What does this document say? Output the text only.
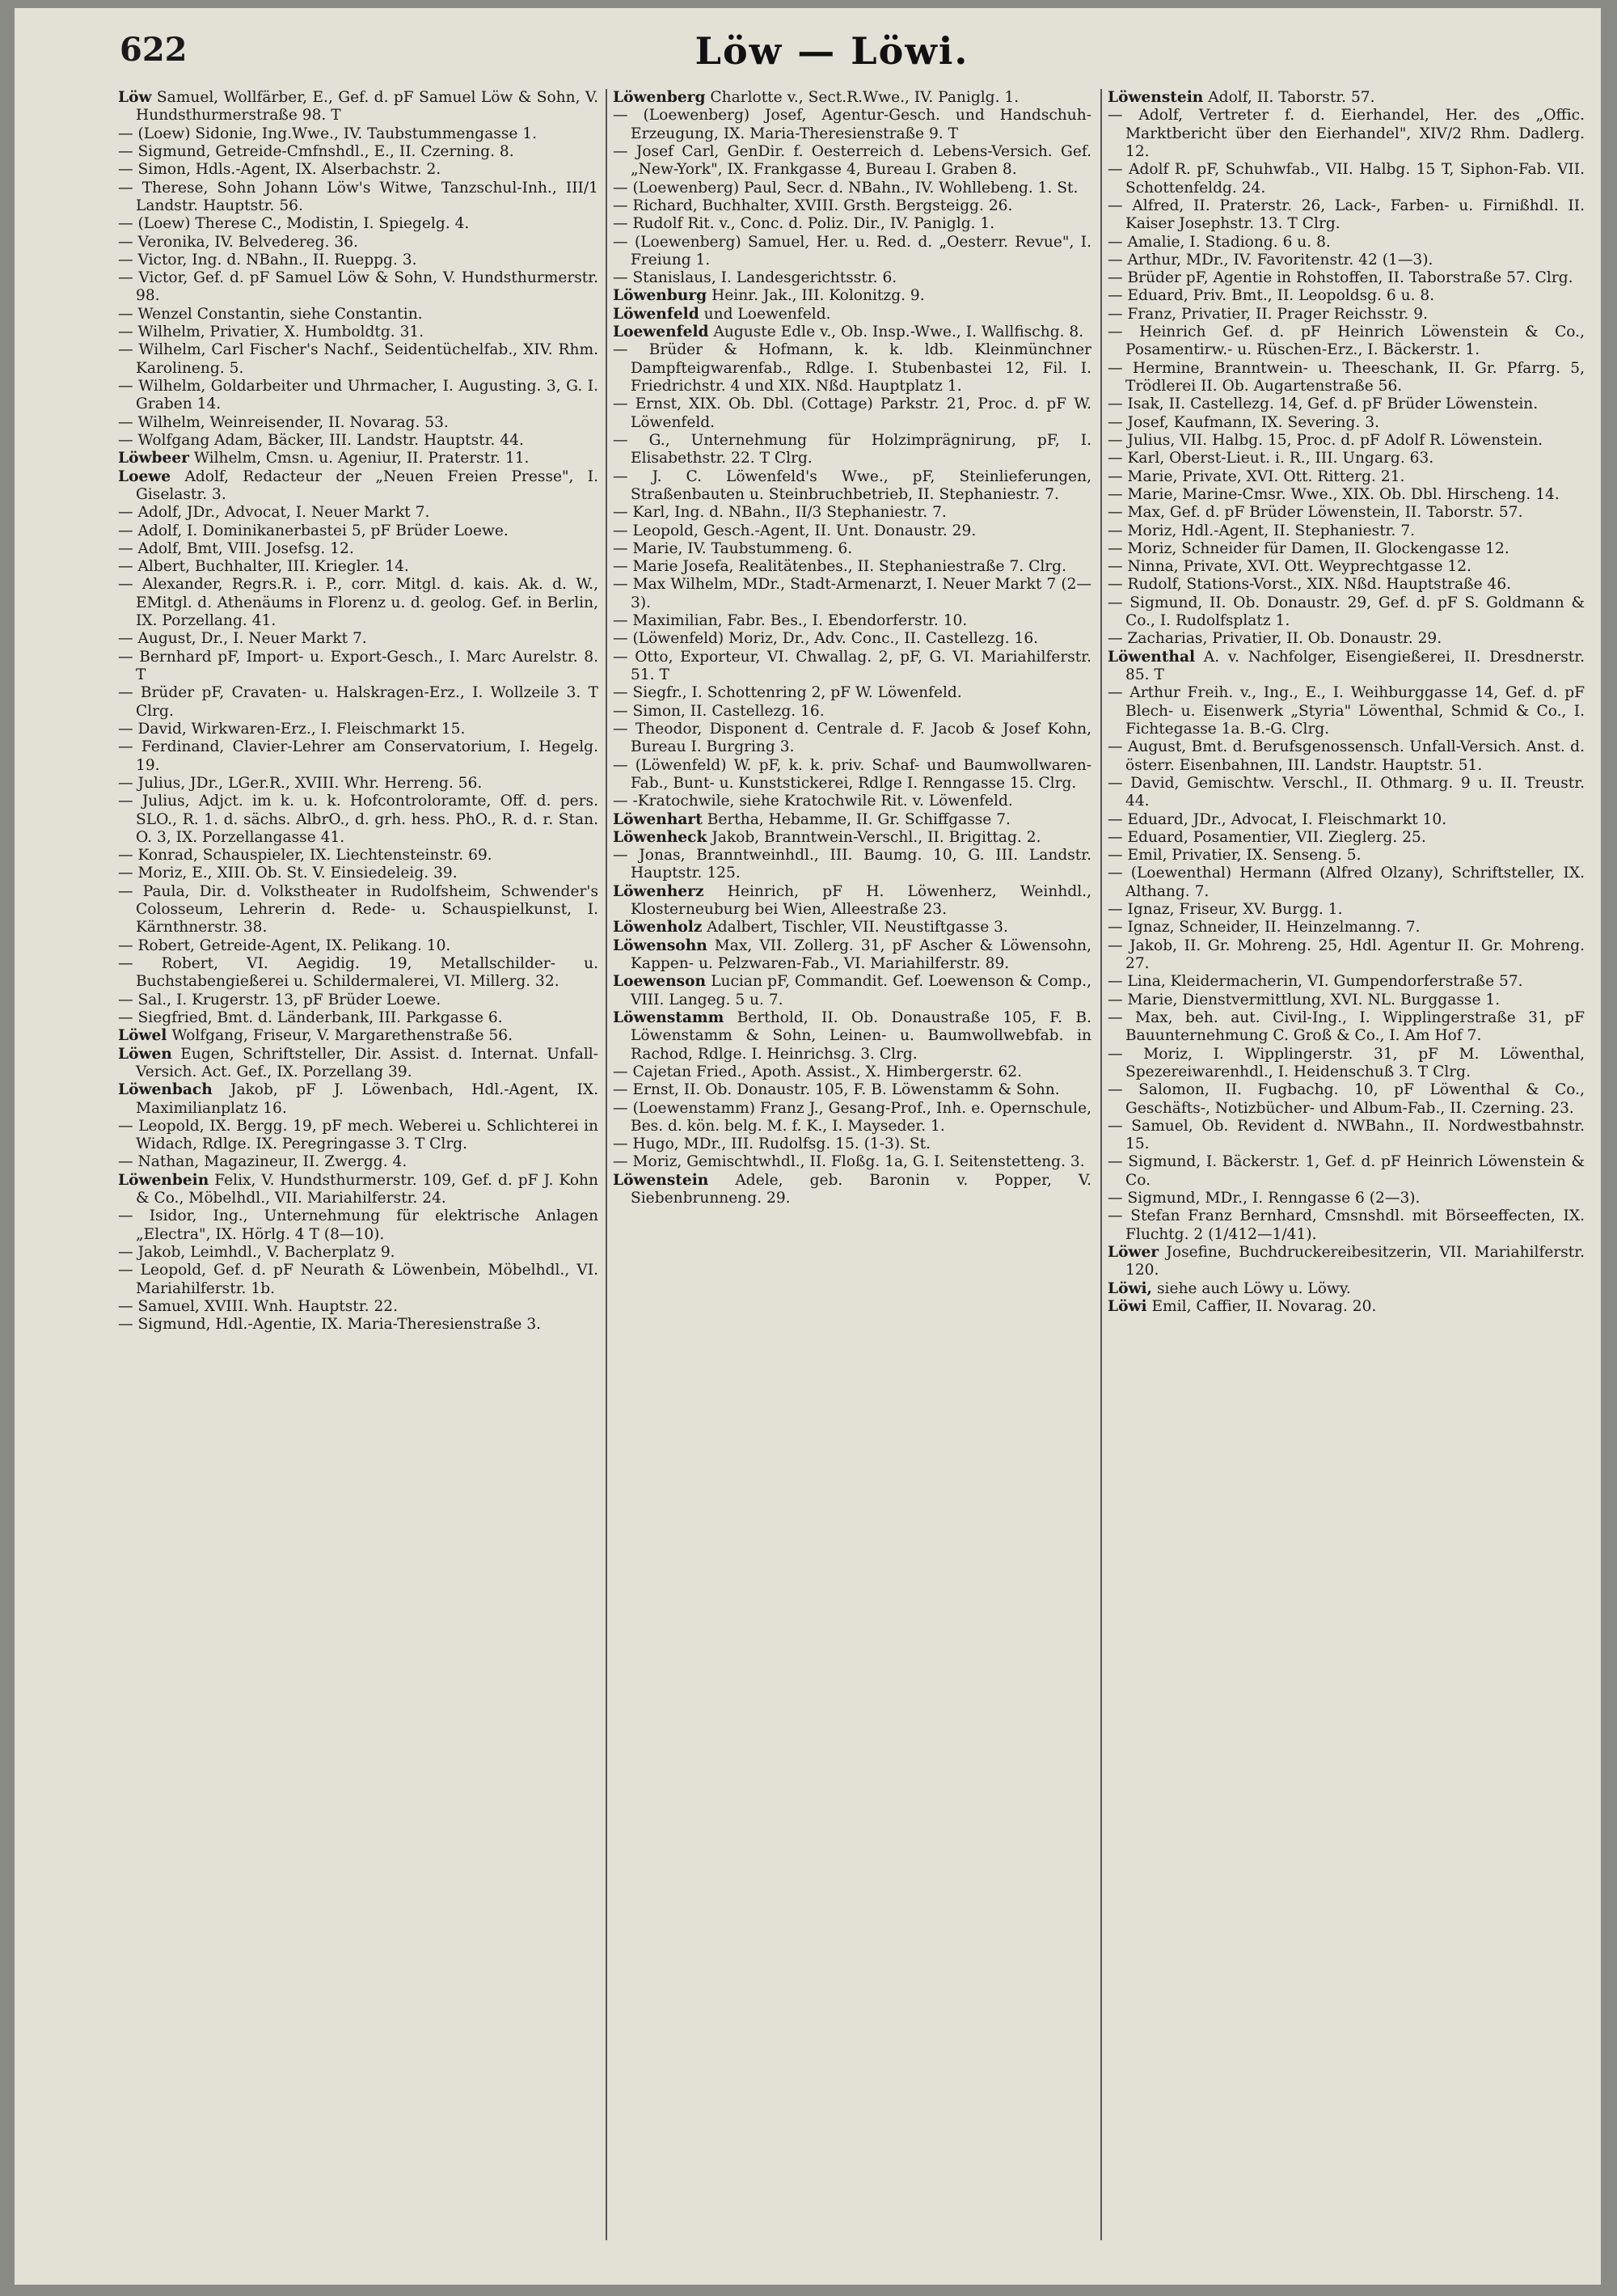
622	Löw — Löwi.
Löw Samuel, Wollfärber, E., Gef. d. pF Samuel Löw & Sohn, V. Hundsthurmerstraße 98. T
— (Loew) Sidonie, Ing.Wwe., IV. Taubstummengasse 1.
— Sigmund, Getreide-Cmfnshdl., E., II. Czerning. 8.
— Simon, Hdls.-Agent, IX. Alserbachstr. 2.
— Therese, Sohn Johann Löw's Witwe, Tanzschul-Inh., III/1 Landstr. Hauptstr. 56.
— (Loew) Therese C., Modistin, I. Spiegelg. 4.
— Veronika, IV. Belvedereg. 36.
— Victor, Ing. d. NBahn., II. Rueppg. 3.
— Victor, Gef. d. pF Samuel Löw & Sohn, V. Hundsthurmerstr. 98.
— Wenzel Constantin, siehe Constantin.
— Wilhelm, Privatier, X. Humboldtg. 31.
— Wilhelm, Carl Fischer's Nachf., Seidentüchelfab., XIV. Rhm. Karolineng. 5.
— Wilhelm, Goldarbeiter und Uhrmacher, I. Augusting. 3, G. I. Graben 14.
— Wilhelm, Weinreisender, II. Novarag. 53.
— Wolfgang Adam, Bäcker, III. Landstr. Hauptstr. 44.
Löwbeer Wilhelm, Cmsn. u. Ageniur, II. Praterstr. 11.
Loewe Adolf, Redacteur der „Neuen Freien Presse", I. Giselastr. 3.
— Adolf, JDr., Advocat, I. Neuer Markt 7.
— Adolf, I. Dominikanerbastei 5, pF Brüder Loewe.
— Adolf, Bmt, VIII. Josefsg. 12.
— Albert, Buchhalter, III. Kriegler. 14.
— Alexander, Regrs.R. i. P., corr. Mitgl. d. kais. Ak. d. W., EMitgl. d. Athenäums in Florenz u. d. geolog. Gef. in Berlin, IX. Porzellang. 41.
— August, Dr., I. Neuer Markt 7.
— Bernhard pF, Import- u. Export-Gesch., I. Marc Aurelstr. 8. T
— Brüder pF, Cravaten- u. Halskragen-Erz., I. Wollzeile 3. T Clrg.
— David, Wirkwaren-Erz., I. Fleischmarkt 15.
— Ferdinand, Clavier-Lehrer am Conservatorium, I. Hegelg. 19.
— Julius, JDr., LGer.R., XVIII. Whr. Herreng. 56.
— Julius, Adjct. im k. u. k. Hofcontroloramte, Off. d. pers. SLO., R. 1. d. sächs. AlbrO., d. grh. hess. PhO., R. d. r. Stan. O. 3, IX. Porzellangasse 41.
— Konrad, Schauspieler, IX. Liechtensteinstr. 69.
— Moriz, E., XIII. Ob. St. V. Einsiedeleig. 39.
— Paula, Dir. d. Volkstheater in Rudolfsheim, Schwender's Colosseum, Lehrerin d. Rede- u. Schauspielkunst, I. Kärnthnerstr. 38.
— Robert, Getreide-Agent, IX. Pelikang. 10.
— Robert, VI. Aegidig. 19, Metallschilder- u. Buchstabengießerei u. Schildermalerei, VI. Millerg. 32.
— Sal., I. Krugerstr. 13, pF Brüder Loewe.
— Siegfried, Bmt. d. Länderbank, III. Parkgasse 6.
Löwel Wolfgang, Friseur, V. Margarethenstraße 56.
Löwen Eugen, Schriftsteller, Dir. Assist. d. Internat. Unfall-Versich. Act. Gef., IX. Porzellang 39.
Löwenbach Jakob, pF J. Löwenbach, Hdl.-Agent, IX. Maximilianplatz 16.
— Leopold, IX. Bergg. 19, pF mech. Weberei u. Schlichterei in Widach, Rdlge. IX. Peregringasse 3. T Clrg.
— Nathan, Magazineur, II. Zwergg. 4.
Löwenbein Felix, V. Hundsthurmerstr. 109, Gef. d. pF J. Kohn & Co., Möbelhdl., VII. Mariahilferstr. 24.
— Isidor, Ing., Unternehmung für elektrische Anlagen „Electra", IX. Hörlg. 4 T (8—10).
— Jakob, Leimhdl., V. Bacherplatz 9.
— Leopold, Gef. d. pF Neurath & Löwenbein, Möbelhdl., VI. Mariahilferstr. 1b.
— Samuel, XVIII. Wnh. Hauptstr. 22.
— Sigmund, Hdl.-Agentie, IX. Maria-Theresienstraße 3.
Löwenberg Charlotte v., Sect.R.Wwe., IV. Paniglg. 1.
— (Loewenberg) Josef, Agentur-Gesch. und Handschuh-Erzeugung, IX. Maria-Theresienstraße 9. T
— Josef Carl, GenDir. f. Oesterreich d. Lebens-Versich. Gef. „New-York", IX. Frankgasse 4, Bureau I. Graben 8.
— (Loewenberg) Paul, Secr. d. NBahn., IV. Wohllebeng. 1. St.
— Richard, Buchhalter, XVIII. Grsth. Bergsteigg. 26.
— Rudolf Rit. v., Conc. d. Poliz. Dir., IV. Paniglg. 1.
— (Loewenberg) Samuel, Her. u. Red. d. „Oesterr. Revue", I. Freiung 1.
— Stanislaus, I. Landesgerichtsstr. 6.
Löwenburg Heinr. Jak., III. Kolonitzg. 9.
Löwenfeld und Loewenfeld.
Loewenfeld Auguste Edle v., Ob. Insp.-Wwe., I. Wallfischg. 8.
— Brüder & Hofmann, k. k. ldb. Kleinmünchner Dampfteigwarenfab., Rdlge. I. Stubenbastei 12, Fil. I. Friedrichstr. 4 und XIX. Nßd. Hauptplatz 1.
— Ernst, XIX. Ob. Dbl. (Cottage) Parkstr. 21, Proc. d. pF W. Löwenfeld.
— G., Unternehmung für Holzimprägnirung, pF, I. Elisabethstr. 22. T Clrg.
— J. C. Löwenfeld's Wwe., pF, Steinlieferungen, Straßenbauten u. Steinbruchbetrieb, II. Stephaniestr. 7.
— Karl, Ing. d. NBahn., II/3 Stephaniestr. 7.
— Leopold, Gesch.-Agent, II. Unt. Donaustr. 29.
— Marie, IV. Taubstummeng. 6.
— Marie Josefa, Realitätenbes., II. Stephaniestraße 7. Clrg.
— Max Wilhelm, MDr., Stadt-Armenarzt, I. Neuer Markt 7 (2—3).
— Maximilian, Fabr. Bes., I. Ebendorferstr. 10.
— (Löwenfeld) Moriz, Dr., Adv. Conc., II. Castellezg. 16.
— Otto, Exporteur, VI. Chwallag. 2, pF, G. VI. Mariahilferstr. 51. T
— Siegfr., I. Schottenring 2, pF W. Löwenfeld.
— Simon, II. Castellezg. 16.
— Theodor, Disponent d. Centrale d. F. Jacob & Josef Kohn, Bureau I. Burgring 3.
— (Löwenfeld) W. pF, k. k. priv. Schaf- und Baumwollwaren-Fab., Bunt- u. Kunststickerei, Rdlge I. Renngasse 15. Clrg.
— -Kratochwile, siehe Kratochwile Rit. v. Löwenfeld.
Löwenhart Bertha, Hebamme, II. Gr. Schiffgasse 7.
Löwenheck Jakob, Branntwein-Verschl., II. Brigittag. 2.
— Jonas, Branntweinhdl., III. Baumg. 10, G. III. Landstr. Hauptstr. 125.
Löwenherz Heinrich, pF H. Löwenherz, Weinhdl., Klosterneuburg bei Wien, Alleestraße 23.
Löwenholz Adalbert, Tischler, VII. Neustiftgasse 3.
Löwensohn Max, VII. Zollerg. 31, pF Ascher & Löwensohn, Kappen- u. Pelzwaren-Fab., VI. Mariahilferstr. 89.
Loewenson Lucian pF, Commandit. Gef. Loewenson & Comp., VIII. Langeg. 5 u. 7.
Löwenstamm Berthold, II. Ob. Donaustraße 105, F. B. Löwenstamm & Sohn, Leinen- u. Baumwollwebfab. in Rachod, Rdlge. I. Heinrichsg. 3. Clrg.
— Cajetan Fried., Apoth. Assist., X. Himbergerstr. 62.
— Ernst, II. Ob. Donaustr. 105, F. B. Löwenstamm & Sohn.
— (Loewenstamm) Franz J., Gesang-Prof., Inh. e. Opernschule, Bes. d. kön. belg. M. f. K., I. Mayseder. 1.
— Hugo, MDr., III. Rudolfsg. 15. (1-3). St.
— Moriz, Gemischtwhdl., II. Floßg. 1a, G. I. Seitenstetteng. 3.
Löwenstein Adele, geb. Baronin v. Popper, V. Siebenbrunneng. 29.
Löwenstein Adolf, II. Taborstr. 57.
— Adolf, Vertreter f. d. Eierhandel, Her. des „Offic. Marktbericht über den Eierhandel", XIV/2 Rhm. Dadlerg. 12.
— Adolf R. pF, Schuhwfab., VII. Halbg. 15 T, Siphon-Fab. VII. Schottenfeldg. 24.
— Alfred, II. Praterstr. 26, Lack-, Farben- u. Firnißhdl. II. Kaiser Josephstr. 13. T Clrg.
— Amalie, I. Stadiong. 6 u. 8.
— Arthur, MDr., IV. Favoritenstr. 42 (1—3).
— Brüder pF, Agentie in Rohstoffen, II. Taborstraße 57. Clrg.
— Eduard, Priv. Bmt., II. Leopoldsg. 6 u. 8.
— Franz, Privatier, II. Prager Reichsstr. 9.
— Heinrich Gef. d. pF Heinrich Löwenstein & Co., Posamentirw.- u. Rüschen-Erz., I. Bäckerstr. 1.
— Hermine, Branntwein- u. Theeschank, II. Gr. Pfarrg. 5, Trödlerei II. Ob. Augartenstraße 56.
— Isak, II. Castellezg. 14, Gef. d. pF Brüder Löwenstein.
— Josef, Kaufmann, IX. Severing. 3.
— Julius, VII. Halbg. 15, Proc. d. pF Adolf R. Löwenstein.
— Karl, Oberst-Lieut. i. R., III. Ungarg. 63.
— Marie, Private, XVI. Ott. Ritterg. 21.
— Marie, Marine-Cmsr. Wwe., XIX. Ob. Dbl. Hirscheng. 14.
— Max, Gef. d. pF Brüder Löwenstein, II. Taborstr. 57.
— Moriz, Hdl.-Agent, II. Stephaniestr. 7.
— Moriz, Schneider für Damen, II. Glockengasse 12.
— Ninna, Private, XVI. Ott. Weyprechtgasse 12.
— Rudolf, Stations-Vorst., XIX. Nßd. Hauptstraße 46.
— Sigmund, II. Ob. Donaustr. 29, Gef. d. pF S. Goldmann & Co., I. Rudolfsplatz 1.
— Zacharias, Privatier, II. Ob. Donaustr. 29.
Löwenthal A. v. Nachfolger, Eisengießerei, II. Dresdnerstr. 85. T
— Arthur Freih. v., Ing., E., I. Weihburggasse 14, Gef. d. pF Blech- u. Eisenwerk „Styria" Löwenthal, Schmid & Co., I. Fichtegasse 1a. B.-G. Clrg.
— August, Bmt. d. Berufsgenossensch. Unfall-Versich. Anst. d. österr. Eisenbahnen, III. Landstr. Hauptstr. 51.
— David, Gemischtw. Verschl., II. Othmarg. 9 u. II. Treustr. 44.
— Eduard, JDr., Advocat, I. Fleischmarkt 10.
— Eduard, Posamentier, VII. Zieglerg. 25.
— Emil, Privatier, IX. Senseng. 5.
— (Loewenthal) Hermann (Alfred Olzany), Schriftsteller, IX. Althang. 7.
— Ignaz, Friseur, XV. Burgg. 1.
— Ignaz, Schneider, II. Heinzelmanng. 7.
— Jakob, II. Gr. Mohreng. 25, Hdl. Agentur II. Gr. Mohreng. 27.
— Lina, Kleidermacherin, VI. Gumpendorferstraße 57.
— Marie, Dienstvermittlung, XVI. NL. Burggasse 1.
— Max, beh. aut. Civil-Ing., I. Wipplingerstraße 31, pF Bauunternehmung C. Groß & Co., I. Am Hof 7.
— Moriz, I. Wipplingerstr. 31, pF M. Löwenthal, Spezereiwarenhdl., I. Heidenschuß 3. T Clrg.
— Salomon, II. Fugbachg. 10, pF Löwenthal & Co., Geschäfts-, Notizbücher- und Album-Fab., II. Czerning. 23.
— Samuel, Ob. Revident d. NWBahn., II. Nordwestbahnstr. 15.
— Sigmund, I. Bäckerstr. 1, Gef. d. pF Heinrich Löwenstein & Co.
— Sigmund, MDr., I. Renngasse 6 (2—3).
— Stefan Franz Bernhard, Cmsnshdl. mit Börseeffecten, IX. Fluchtg. 2 (1/412—1/41).
Löwer Josefine, Buchdruckereibesitzerin, VII. Mariahilferstr. 120.
Löwi, siehe auch Löwy u. Löwy.
Löwi Emil, Caffier, II. Novarag. 20.
